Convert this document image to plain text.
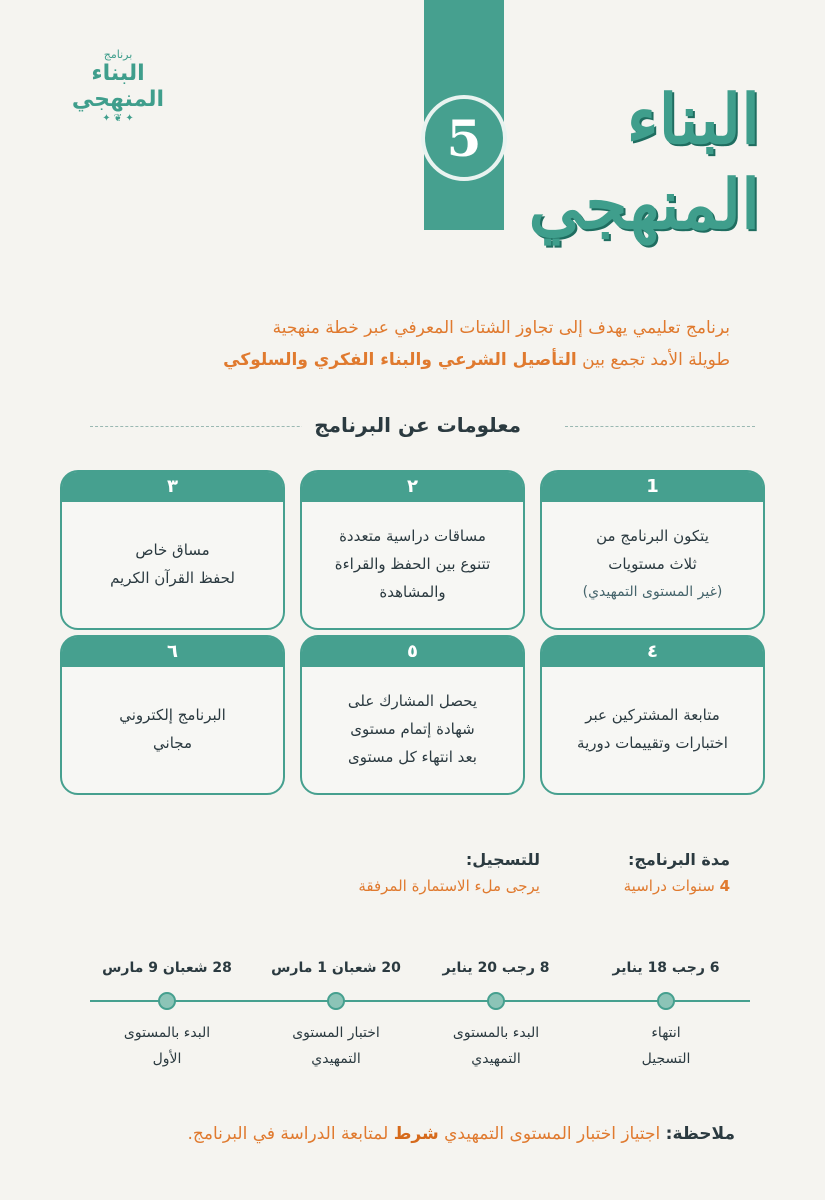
برنامج
البناء المنهجي
✦ ❦ ✦	5	البناء
المنهجي
برنامج تعليمي يهدف إلى تجاوز الشتات المعرفي عبر خطة منهجية
طويلة الأمد تجمع بين التأصيل الشرعي والبناء الفكري والسلوكي
معلومات عن البرنامج
1
يتكون البرنامج من
ثلاث مستويات
(غير المستوى التمهيدي)
٢
مساقات دراسية متعددة
تتنوع بين الحفظ والقراءة
والمشاهدة
٣
مساق خاص
لحفظ القرآن الكريم
٤
متابعة المشتركين عبر
اختبارات وتقييمات دورية
٥
يحصل المشارك على
شهادة إتمام مستوى
بعد انتهاء كل مستوى
٦
البرنامج إلكتروني
مجاني
مدة البرنامج:
4 سنوات دراسية
للتسجيل:
يرجى ملء الاستمارة المرفقة
6 رجب 18 يناير
8 رجب 20 يناير
20 شعبان 1 مارس
28 شعبان 9 مارس
انتهاء
التسجيل
البدء بالمستوى
التمهيدي
اختبار المستوى
التمهيدي
البدء بالمستوى
الأول
ملاحظة: اجتياز اختبار المستوى التمهيدي شرط لمتابعة الدراسة في البرنامج.
